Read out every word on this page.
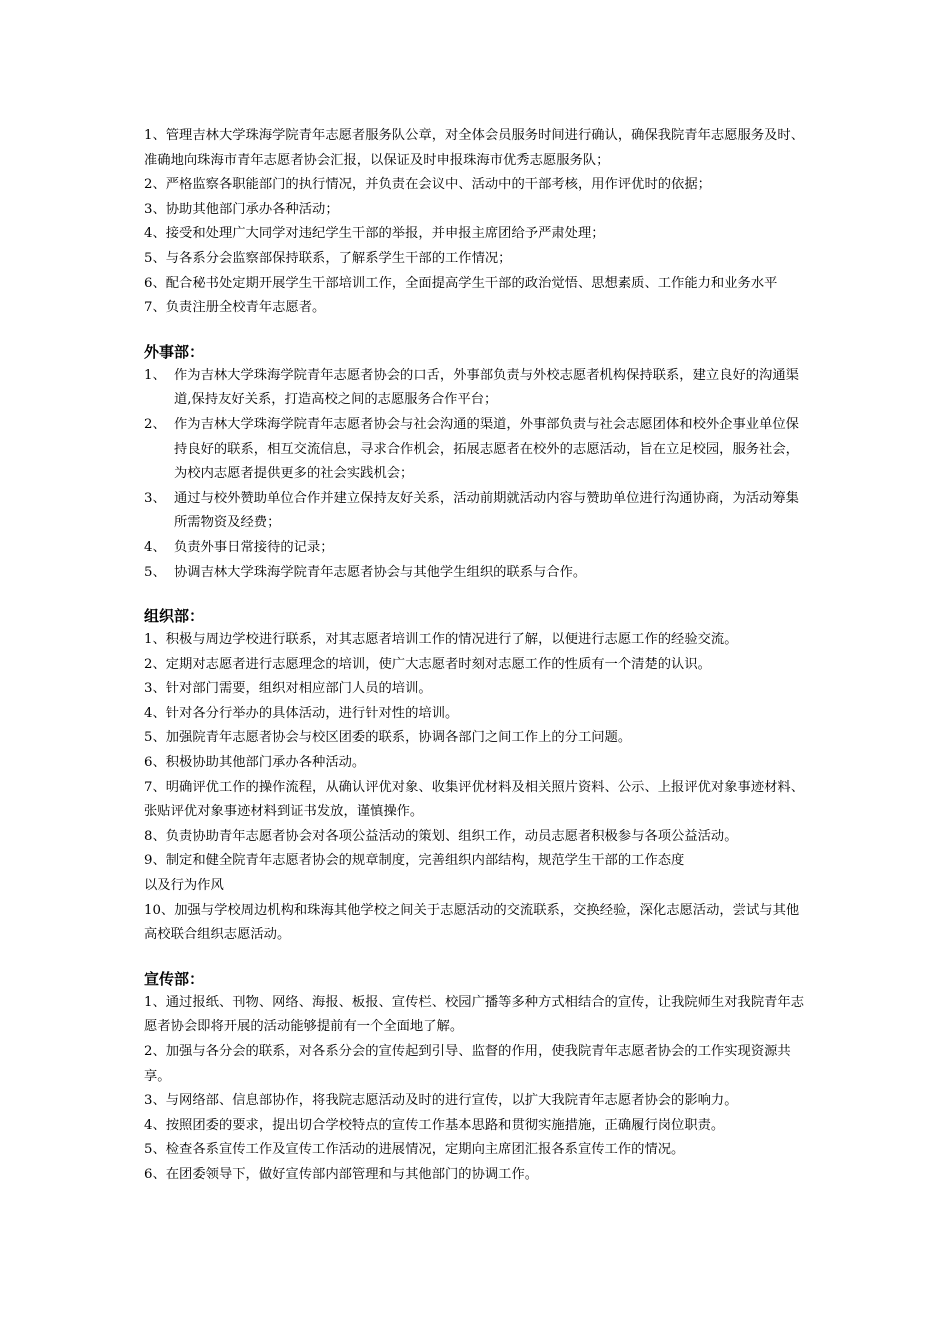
1、管理吉林大学珠海学院青年志愿者服务队公章，对全体会员服务时间进行确认，确保我院青年志愿服务及时、准确地向珠海市青年志愿者协会汇报，以保证及时申报珠海市优秀志愿服务队；

2、严格监察各职能部门的执行情况，并负责在会议中、活动中的干部考核，用作评优时的依据；

3、协助其他部门承办各种活动；

4、接受和处理广大同学对违纪学生干部的举报，并申报主席团给予严肃处理；

5、与各系分会监察部保持联系，了解系学生干部的工作情况；

6、配合秘书处定期开展学生干部培训工作，全面提高学生干部的政治觉悟、思想素质、工作能力和业务水平

7、负责注册全校青年志愿者。

外事部：
1、 作为吉林大学珠海学院青年志愿者协会的口舌，外事部负责与外校志愿者机构保持联系，建立良好的沟通渠道,保持友好关系，打造高校之间的志愿服务合作平台；
2、 作为吉林大学珠海学院青年志愿者协会与社会沟通的渠道，外事部负责与社会志愿团体和校外企事业单位保持良好的联系，相互交流信息，寻求合作机会，拓展志愿者在校外的志愿活动，旨在立足校园，服务社会，为校内志愿者提供更多的社会实践机会；
3、 通过与校外赞助单位合作并建立保持友好关系，活动前期就活动内容与赞助单位进行沟通协商，为活动筹集所需物资及经费；
4、 负责外事日常接待的记录；
5、 协调吉林大学珠海学院青年志愿者协会与其他学生组织的联系与合作。
组织部：

1、积极与周边学校进行联系，对其志愿者培训工作的情况进行了解，以便进行志愿工作的经验交流。

2、定期对志愿者进行志愿理念的培训，使广大志愿者时刻对志愿工作的性质有一个清楚的认识。

3、针对部门需要，组织对相应部门人员的培训。

4、针对各分行举办的具体活动，进行针对性的培训。

5、加强院青年志愿者协会与校区团委的联系，协调各部门之间工作上的分工问题。

6、积极协助其他部门承办各种活动。

7、明确评优工作的操作流程，从确认评优对象、收集评优材料及相关照片资料、公示、上报评优对象事迹材料、张贴评优对象事迹材料到证书发放，谨慎操作。

8、负责协助青年志愿者协会对各项公益活动的策划、组织工作，动员志愿者积极参与各项公益活动。

9、制定和健全院青年志愿者协会的规章制度，完善组织内部结构，规范学生干部的工作态度

以及行为作风

10、加强与学校周边机构和珠海其他学校之间关于志愿活动的交流联系，交换经验，深化志愿活动，尝试与其他高校联合组织志愿活动。

宣传部：

1、通过报纸、刊物、网络、海报、板报、宣传栏、校园广播等多种方式相结合的宣传，让我院师生对我院青年志愿者协会即将开展的活动能够提前有一个全面地了解。

2、加强与各分会的联系，对各系分会的宣传起到引导、监督的作用，使我院青年志愿者协会的工作实现资源共享。

3、与网络部、信息部协作，将我院志愿活动及时的进行宣传，以扩大我院青年志愿者协会的影响力。

4、按照团委的要求，提出切合学校特点的宣传工作基本思路和贯彻实施措施，正确履行岗位职责。

5、检查各系宣传工作及宣传工作活动的进展情况，定期向主席团汇报各系宣传工作的情况。

6、在团委领导下，做好宣传部内部管理和与其他部门的协调工作。
